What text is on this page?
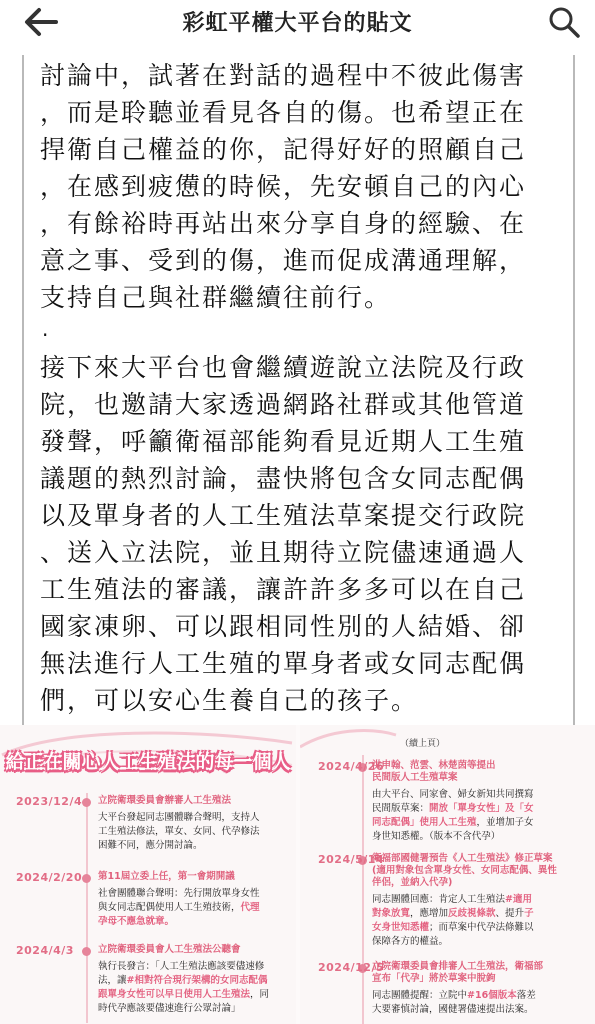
彩虹平權大平台的貼文

討論中，試著在對話的過程中不彼此傷害
，而是聆聽並看見各自的傷。也希望正在
捍衛自己權益的你，記得好好的照顧自己
，在感到疲憊的時候，先安頓自己的內心
，有餘裕時再站出來分享自身的經驗、在
意之事、受到的傷，進而促成溝通理解，
支持自己與社群繼續往前行。

.

接下來大平台也會繼續遊說立法院及行政
院，也邀請大家透過網路社群或其他管道
發聲，呼籲衛福部能夠看見近期人工生殖
議題的熱烈討論，盡快將包含女同志配偶
以及單身者的人工生殖法草案提交行政院
、送入立法院，並且期待立院儘速通過人
工生殖法的審議，讓許許多多可以在自己
國家凍卵、可以跟相同性別的人結婚、卻
無法進行人工生殖的單身者或女同志配偶
們，可以安心生養自己的孩子。

給正在關心人工生殖法的每一個人
2023/12/4 立院衛環委員會辦審人工生殖法
大平台發起同志團體聯合聲明，支持人
工生殖法修法，單女、女同、代孕修法
困難不同，應分開討論。
2024/2/20 第11屆立委上任，第一會期開議
社會團體聯合聲明：先行開放單身女性
與女同志配偶使用人工生殖技術，代理
孕母不應急就章。
2024/4/3	立院衛環委員會人工生殖法公聽會
執行長發言：「人工生殖法應該要儘速修
法，讓#相對符合現行架構的女同志配偶
跟單身女性可以早日使用人工生殖法，同
時代孕應該要儘速進行公眾討論」
（續上頁）
2024/4/26
洪申翰、范雲、林楚茵等提出
民間版人工生殖草案
由大平台、同家會、婦女新知共同撰寫
民間版草案：開放「單身女性」及「女
同志配偶」使用人工生殖，並增加子女
身世知悉權。（版本不含代孕）
2024/5/14
衛福部國健署預告《人工生殖法》修正草案
(適用對象包含單身女性、女同志配偶、異性
伴侶，並納入代孕)
同志團體回應：肯定人工生殖法#適用
對象放寬，應增加反歧視條款、提升子
女身世知悉權；而草案中代孕法條難以
保障各方的權益。
2024/12/5
立院衛環委員會排審人工生殖法，衛福部
宣布「代孕」將於草案中脫鉤
同志團體提醒：立院中#16個版本落差
大要審慎討論，國健署儘速提出法案。
